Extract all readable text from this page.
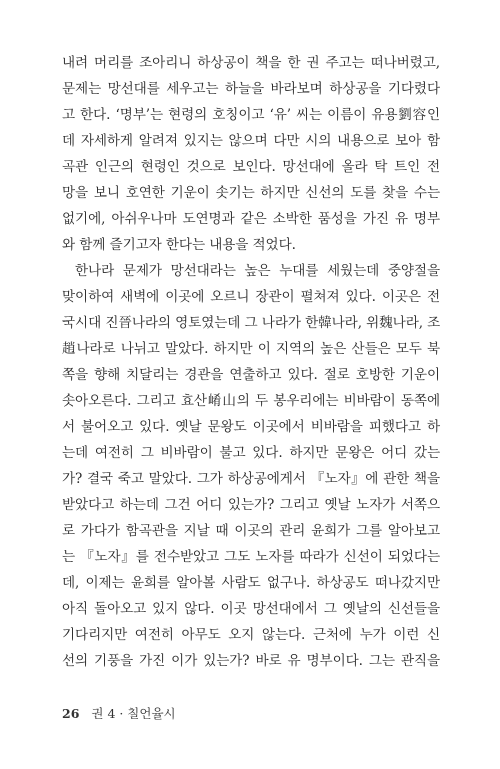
내려 머리를 조아리니 하상공이 책을 한 권 주고는 떠나버렸고,
문제는 망선대를 세우고는 하늘을 바라보며 하상공을 기다렸다
고 한다. ‘명부’는 현령의 호칭이고 ‘유’ 씨는 이름이 유용劉容인
데 자세하게 알려져 있지는 않으며 다만 시의 내용으로 보아 함
곡관 인근의 현령인 것으로 보인다. 망선대에 올라 탁 트인 전
망을 보니 호연한 기운이 솟기는 하지만 신선의 도를 찾을 수는
없기에, 아쉬우나마 도연명과 같은 소박한 품성을 가진 유 명부
와 함께 즐기고자 한다는 내용을 적었다.
한나라 문제가 망선대라는 높은 누대를 세웠는데 중양절을
맞이하여 새벽에 이곳에 오르니 장관이 펼쳐져 있다. 이곳은 전
국시대 진晉나라의 영토였는데 그 나라가 한韓나라, 위魏나라, 조
趙나라로 나뉘고 말았다. 하지만 이 지역의 높은 산들은 모두 북
쪽을 향해 치달리는 경관을 연출하고 있다. 절로 호방한 기운이
솟아오른다. 그리고 효산崤山의 두 봉우리에는 비바람이 동쪽에
서 불어오고 있다. 옛날 문왕도 이곳에서 비바람을 피했다고 하
는데 여전히 그 비바람이 불고 있다. 하지만 문왕은 어디 갔는
가? 결국 죽고 말았다. 그가 하상공에게서 『노자』에 관한 책을
받았다고 하는데 그건 어디 있는가? 그리고 옛날 노자가 서쪽으
로 가다가 함곡관을 지날 때 이곳의 관리 윤희가 그를 알아보고
는 『노자』를 전수받았고 그도 노자를 따라가 신선이 되었다는
데, 이제는 윤희를 알아볼 사람도 없구나. 하상공도 떠나갔지만
아직 돌아오고 있지 않다. 이곳 망선대에서 그 옛날의 신선들을
기다리지만 여전히 아무도 오지 않는다. 근처에 누가 이런 신
선의 기풍을 가진 이가 있는가? 바로 유 명부이다. 그는 관직을
26 권 4 · 칠언율시
